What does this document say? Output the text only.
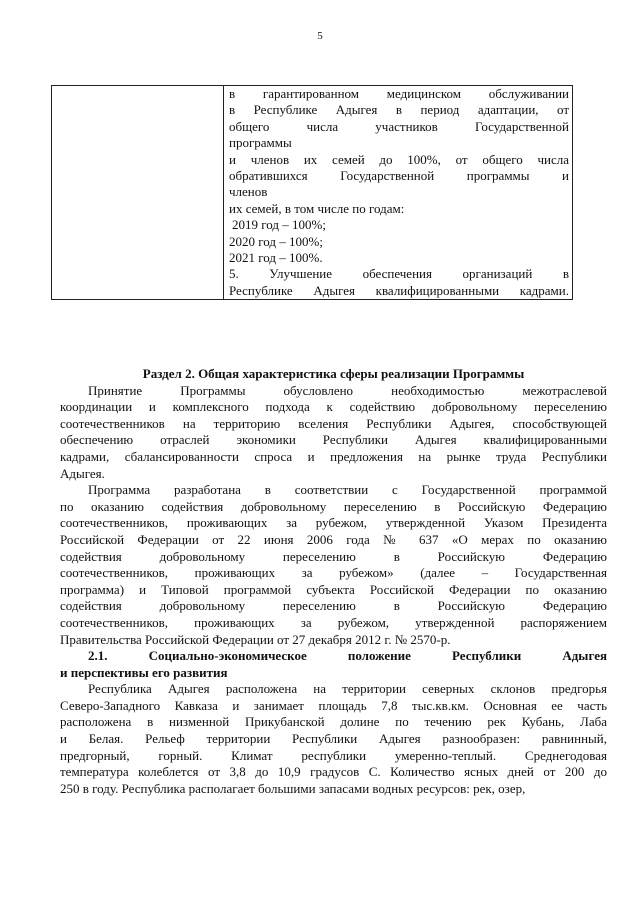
5

в гарантированном медицинском обслуживании

в Республике Адыгея в период адаптации, от

общего числа участников Государственной

программы

и членов их семей до 100%, от общего числа

обратившихся Государственной программы и

членов

их семей, в том числе по годам:

2019 год – 100%;

2020 год – 100%;

2021 год – 100%.

5. Улучшение обеспечения организаций в

Республике Адыгея квалифицированными кадрами.

Раздел 2. Общая характеристика сферы реализации Программы

Принятие Программы обусловлено необходимостью межотраслевой

координации и комплексного подхода к содействию добровольному переселению

соотечественников на территорию вселения Республики Адыгея, способствующей

обеспечению отраслей экономики Республики Адыгея квалифицированными

кадрами, сбалансированности спроса и предложения на рынке труда Республики

Адыгея.

Программа разработана в соответствии с Государственной программой

по оказанию содействия добровольному переселению в Российскую Федерацию

соотечественников, проживающих за рубежом, утвержденной Указом Президента

Российской Федерации от 22 июня 2006 года № 637 «О мерах по оказанию

содействия добровольному переселению в Российскую Федерацию

соотечественников, проживающих за рубежом» (далее – Государственная

программа) и Типовой программой субъекта Российской Федерации по оказанию

содействия добровольному переселению в Российскую Федерацию

соотечественников, проживающих за рубежом, утвержденной распоряжением

Правительства Российской Федерации от 27 декабря 2012 г. № 2570-р.

2.1. Социально-экономическое положение Республики Адыгея

и перспективы его развития

Республика Адыгея расположена на территории северных склонов предгорья

Северо-Западного Кавказа и занимает площадь 7,8 тыс.кв.км. Основная ее часть

расположена в низменной Прикубанской долине по течению рек Кубань, Лаба

и Белая. Рельеф территории Республики Адыгея разнообразен: равнинный,

предгорный, горный. Климат республики умеренно-теплый. Среднегодовая

температура колеблется от 3,8 до 10,9 градусов С. Количество ясных дней от 200 до

250 в году. Республика располагает большими запасами водных ресурсов: рек, озер,
